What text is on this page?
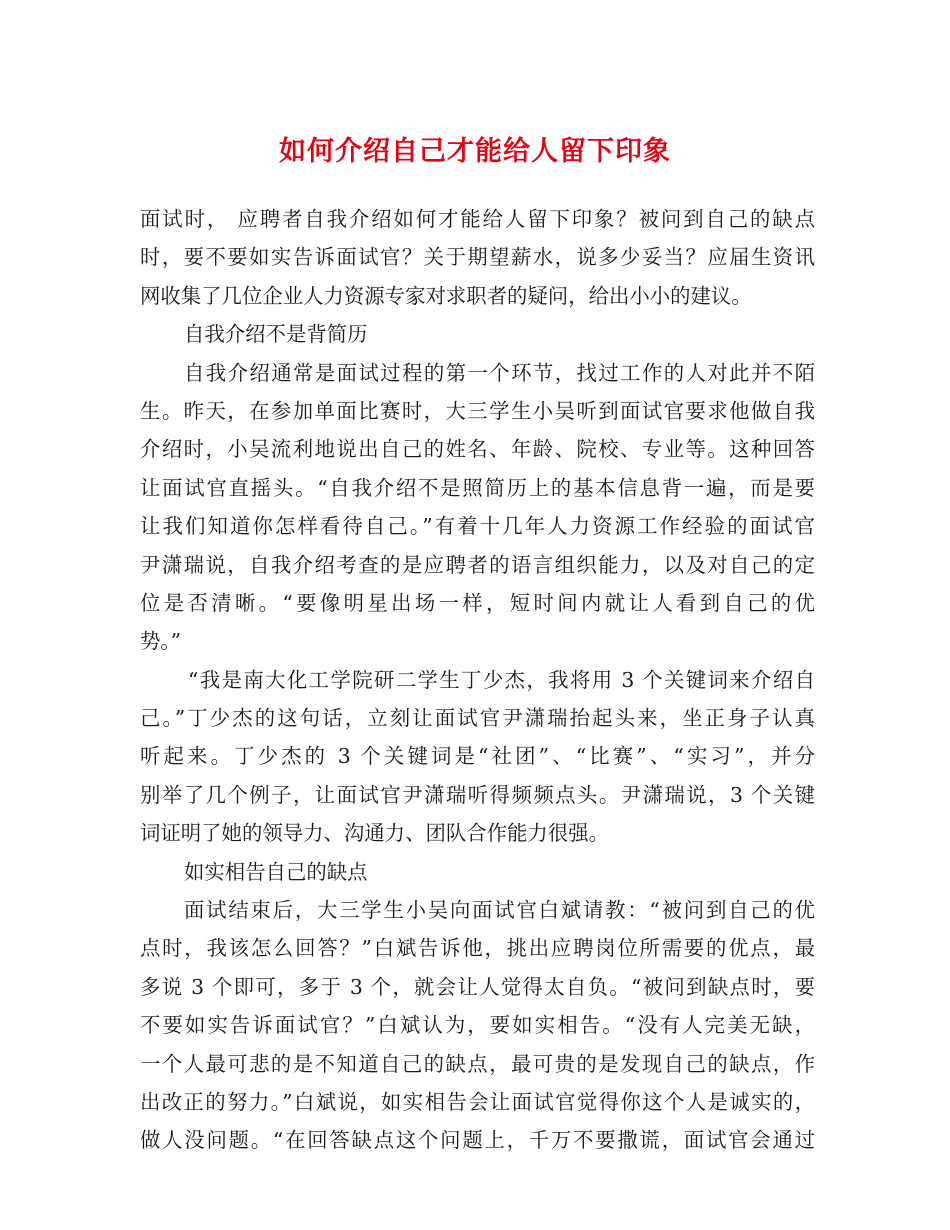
如何介绍自己才能给人留下印象
面试时， 应聘者自我介绍如何才能给人留下印象？被问到自己的缺点
时，要不要如实告诉面试官？关于期望薪水，说多少妥当？应届生资讯
网收集了几位企业人力资源专家对求职者的疑问，给出小小的建议。
自我介绍不是背简历
自我介绍通常是面试过程的第一个环节，找过工作的人对此并不陌
生。昨天，在参加单面比赛时，大三学生小吴听到面试官要求他做自我
介绍时，小吴流利地说出自己的姓名、年龄、院校、专业等。这种回答
让面试官直摇头。“自我介绍不是照简历上的基本信息背一遍，而是要
让我们知道你怎样看待自己。”有着十几年人力资源工作经验的面试官
尹潇瑞说，自我介绍考查的是应聘者的语言组织能力，以及对自己的定
位是否清晰。“要像明星出场一样，短时间内就让人看到自己的优
势。”
“我是南大化工学院研二学生丁少杰，我将用 3 个关键词来介绍自
己。”丁少杰的这句话，立刻让面试官尹潇瑞抬起头来，坐正身子认真
听起来。丁少杰的 3 个关键词是“社团”、“比赛”、“实习”，并分
别举了几个例子，让面试官尹潇瑞听得频频点头。尹潇瑞说，3 个关键
词证明了她的领导力、沟通力、团队合作能力很强。
如实相告自己的缺点
面试结束后，大三学生小吴向面试官白斌请教：“被问到自己的优
点时，我该怎么回答？”白斌告诉他，挑出应聘岗位所需要的优点，最
多说 3 个即可，多于 3 个，就会让人觉得太自负。“被问到缺点时，要
不要如实告诉面试官？”白斌认为，要如实相告。“没有人完美无缺，
一个人最可悲的是不知道自己的缺点，最可贵的是发现自己的缺点，作
出改正的努力。”白斌说，如实相告会让面试官觉得你这个人是诚实的，
做人没问题。“在回答缺点这个问题上，千万不要撒谎，面试官会通过
